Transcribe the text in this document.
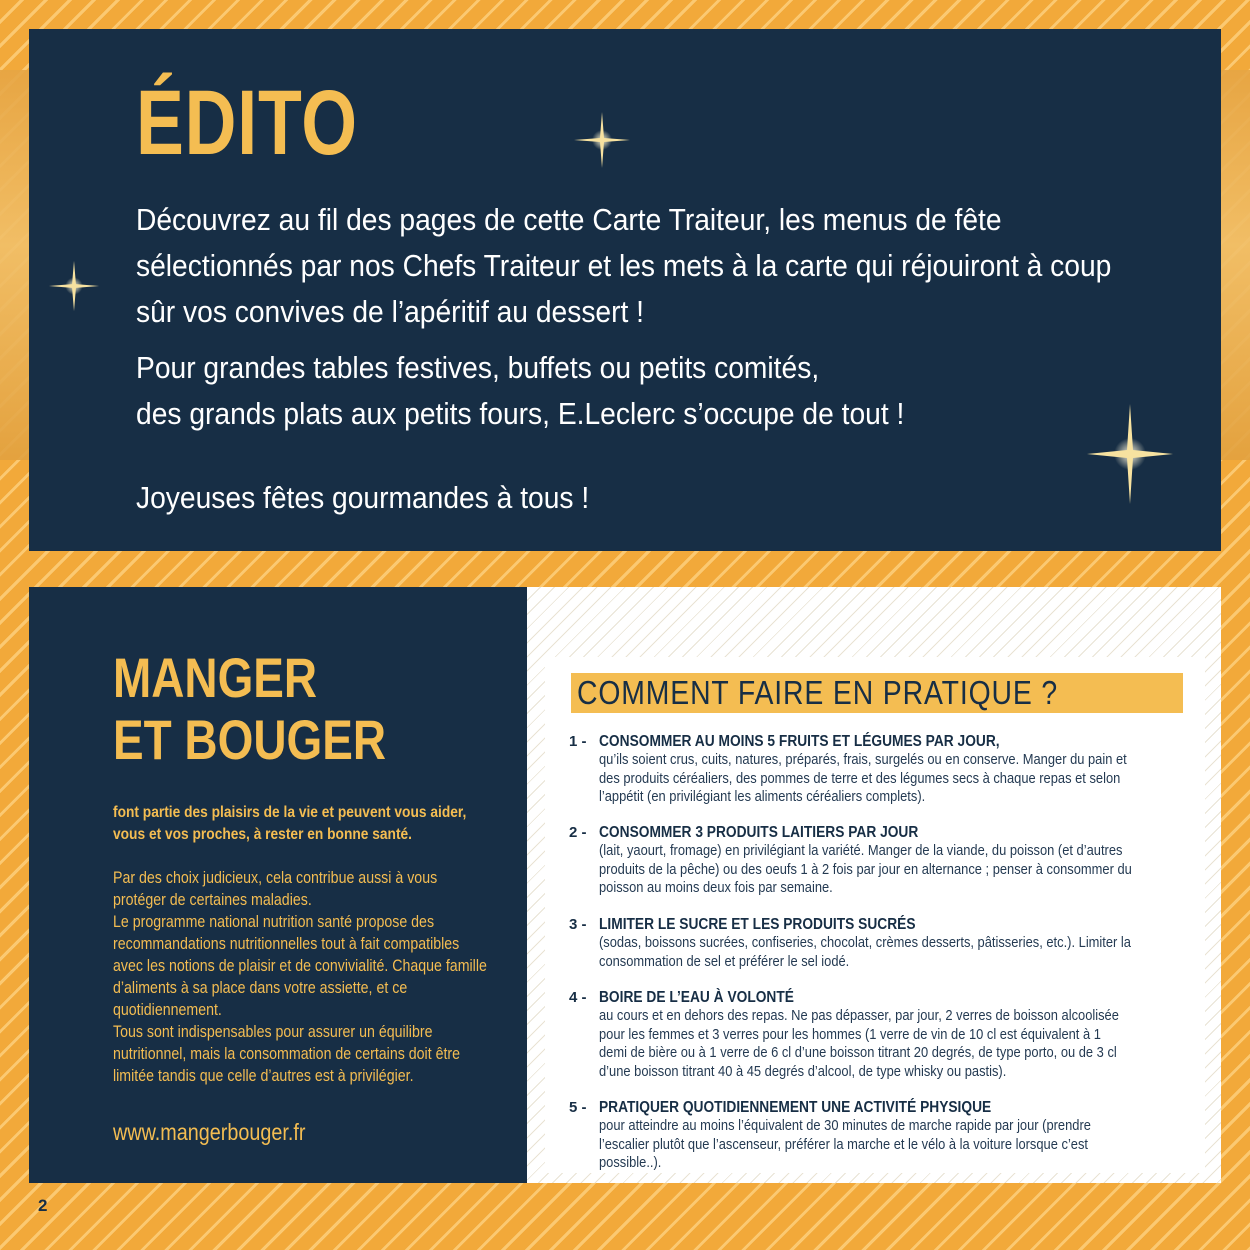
ÉDITO

Découvrez au fil des pages de cette Carte Traiteur, les menus de fête sélectionnés par nos Chefs Traiteur et les mets à la carte qui réjouiront à coup sûr vos convives de l’apéritif au dessert !

Pour grandes tables festives, buffets ou petits comités,
des grands plats aux petits fours, E.Leclerc s’occupe de tout !

Joyeuses fêtes gourmandes à tous !

MANGER
ET BOUGER

font partie des plaisirs de la vie et peuvent vous aider, vous et vos proches, à rester en bonne santé.

Par des choix judicieux, cela contribue aussi à vous protéger de certaines maladies.

Le programme national nutrition santé propose des recommandations nutritionnelles tout à fait compatibles avec les notions de plaisir et de convivialité. Chaque famille d’aliments à sa place dans votre assiette, et ce quotidiennement.

Tous sont indispensables pour assurer un équilibre nutritionnel, mais la consommation de certains doit être limitée tandis que celle d’autres est à privilégier.

www.mangerbouger.fr
COMMENT FAIRE EN PRATIQUE ?
1 - CONSOMMER AU MOINS 5 FRUITS ET LÉGUMES PAR JOUR,
qu’ils soient crus, cuits, natures, préparés, frais, surgelés ou en conserve. Manger du pain et des produits céréaliers, des pommes de terre et des légumes secs à chaque repas et selon l’appétit (en privilégiant les aliments céréaliers complets).
2 - CONSOMMER 3 PRODUITS LAITIERS PAR JOUR
(lait, yaourt, fromage) en privilégiant la variété. Manger de la viande, du poisson (et d’autres produits de la pêche) ou des oeufs 1 à 2 fois par jour en alternance ; penser à consommer du poisson au moins deux fois par semaine.
3 - LIMITER LE SUCRE ET LES PRODUITS SUCRÉS
(sodas, boissons sucrées, confiseries, chocolat, crèmes desserts, pâtisseries, etc.). Limiter la consommation de sel et préférer le sel iodé.
4 - BOIRE DE L’EAU À VOLONTÉ
au cours et en dehors des repas. Ne pas dépasser, par jour, 2 verres de boisson alcoolisée pour les femmes et 3 verres pour les hommes (1 verre de vin de 10 cl est équivalent à 1 demi de bière ou à 1 verre de 6 cl d’une boisson titrant 20 degrés, de type porto, ou de 3 cl d’une boisson titrant 40 à 45 degrés d’alcool, de type whisky ou pastis).
5 - PRATIQUER QUOTIDIENNEMENT UNE ACTIVITÉ PHYSIQUE
pour atteindre au moins l’équivalent de 30 minutes de marche rapide par jour (prendre l’escalier plutôt que l’ascenseur, préférer la marche et le vélo à la voiture lorsque c’est possible..).
2
